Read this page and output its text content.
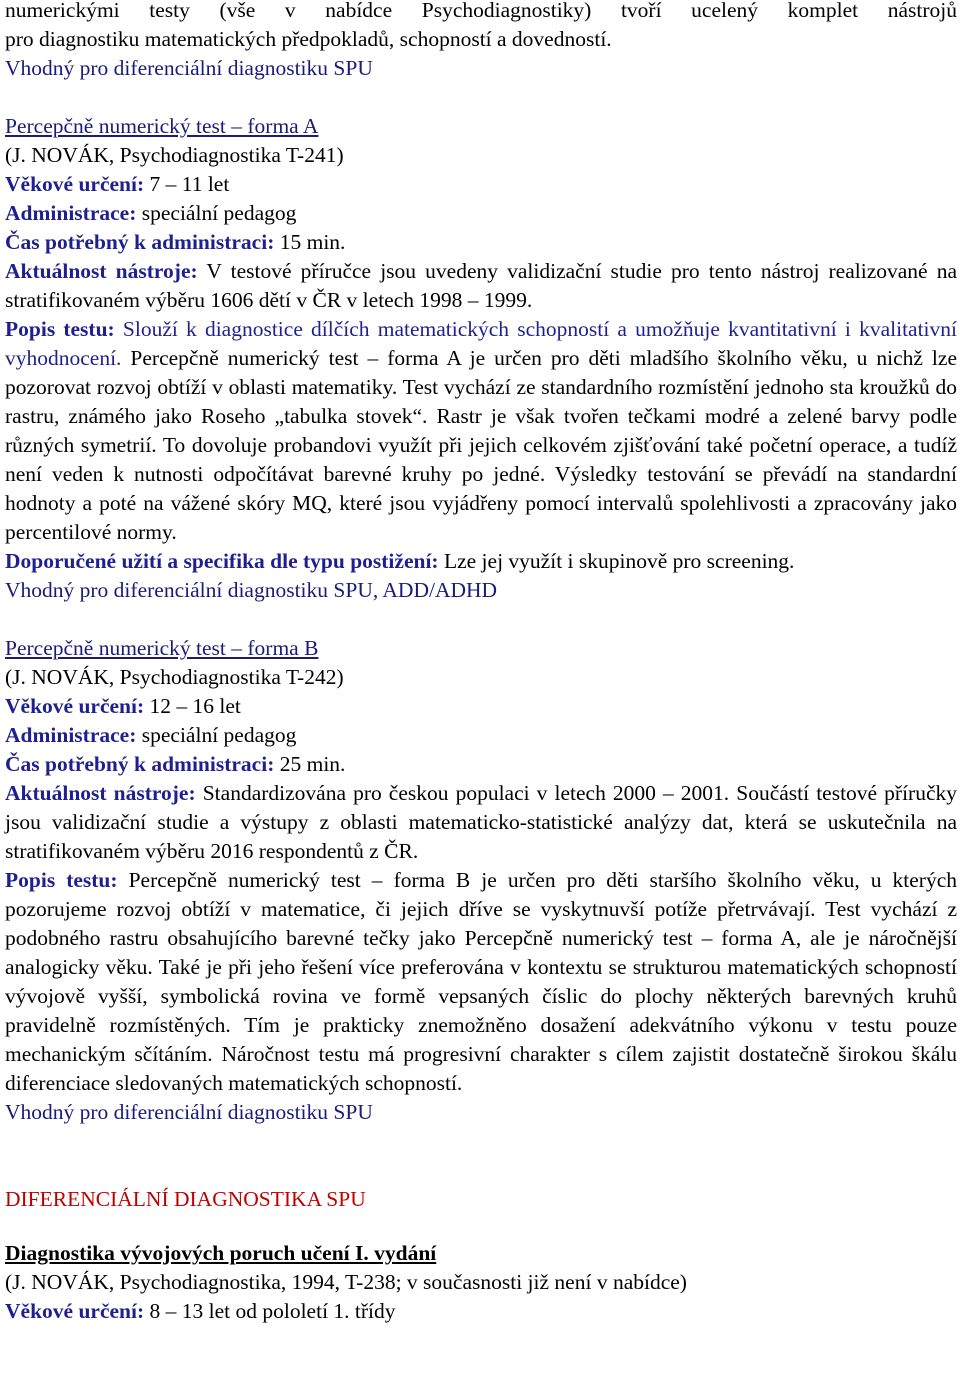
numerickými testy (vše v nabídce Psychodiagnostiky) tvoří ucelený komplet nástrojů

pro diagnostiku matematických předpokladů, schopností a dovedností.

Vhodný pro diferenciální diagnostiku SPU

Percepčně numerický test – forma A

(J. NOVÁK, Psychodiagnostika T-241)

Věkové určení: 7 – 11 let

Administrace: speciální pedagog

Čas potřebný k administraci: 15 min.

Aktuálnost nástroje: V testové příručce jsou uvedeny validizační studie pro tento nástroj realizované na stratifikovaném výběru 1606 dětí v ČR v letech 1998 – 1999.

Popis testu: Slouží k diagnostice dílčích matematických schopností a umožňuje kvantitativní i kvalitativní vyhodnocení. Percepčně numerický test – forma A je určen pro děti mladšího školního věku, u nichž lze pozorovat rozvoj obtíží v oblasti matematiky. Test vychází ze standardního rozmístění jednoho sta kroužků do rastru, známého jako Roseho „tabulka stovek“. Rastr je však tvořen tečkami modré a zelené barvy podle různých symetrií. To dovoluje probandovi využít při jejich celkovém zjišťování také početní operace, a tudíž není veden k nutnosti odpočítávat barevné kruhy po jedné. Výsledky testování se převádí na standardní hodnoty a poté na vážené skóry MQ, které jsou vyjádřeny pomocí intervalů spolehlivosti a zpracovány jako percentilové normy.

Doporučené užití a specifika dle typu postižení: Lze jej využít i skupinově pro screening.

Vhodný pro diferenciální diagnostiku SPU, ADD/ADHD

Percepčně numerický test – forma B

(J. NOVÁK, Psychodiagnostika T-242)

Věkové určení: 12 – 16 let

Administrace: speciální pedagog

Čas potřebný k administraci: 25 min.

Aktuálnost nástroje: Standardizována pro českou populaci v letech 2000 – 2001. Součástí testové příručky jsou validizační studie a výstupy z oblasti matematicko-statistické analýzy dat, která se uskutečnila na stratifikovaném výběru 2016 respondentů z ČR.

Popis testu: Percepčně numerický test – forma B je určen pro děti staršího školního věku, u kterých pozorujeme rozvoj obtíží v matematice, či jejich dříve se vyskytnuvší potíže přetrvávají. Test vychází z podobného rastru obsahujícího barevné tečky jako Percepčně numerický test – forma A, ale je náročnější analogicky věku. Také je při jeho řešení více preferována v kontextu se strukturou matematických schopností vývojově vyšší, symbolická rovina ve formě vepsaných číslic do plochy některých barevných kruhů pravidelně rozmístěných. Tím je prakticky znemožněno dosažení adekvátního výkonu v testu pouze mechanickým sčítáním. Náročnost testu má progresivní charakter s cílem zajistit dostatečně širokou škálu diferenciace sledovaných matematických schopností.

Vhodný pro diferenciální diagnostiku SPU

DIFERENCIÁLNÍ DIAGNOSTIKA SPU

Diagnostika vývojových poruch učení I. vydání

(J. NOVÁK, Psychodiagnostika, 1994, T-238; v současnosti již není v nabídce)

Věkové určení: 8 – 13 let od pololetí 1. třídy
